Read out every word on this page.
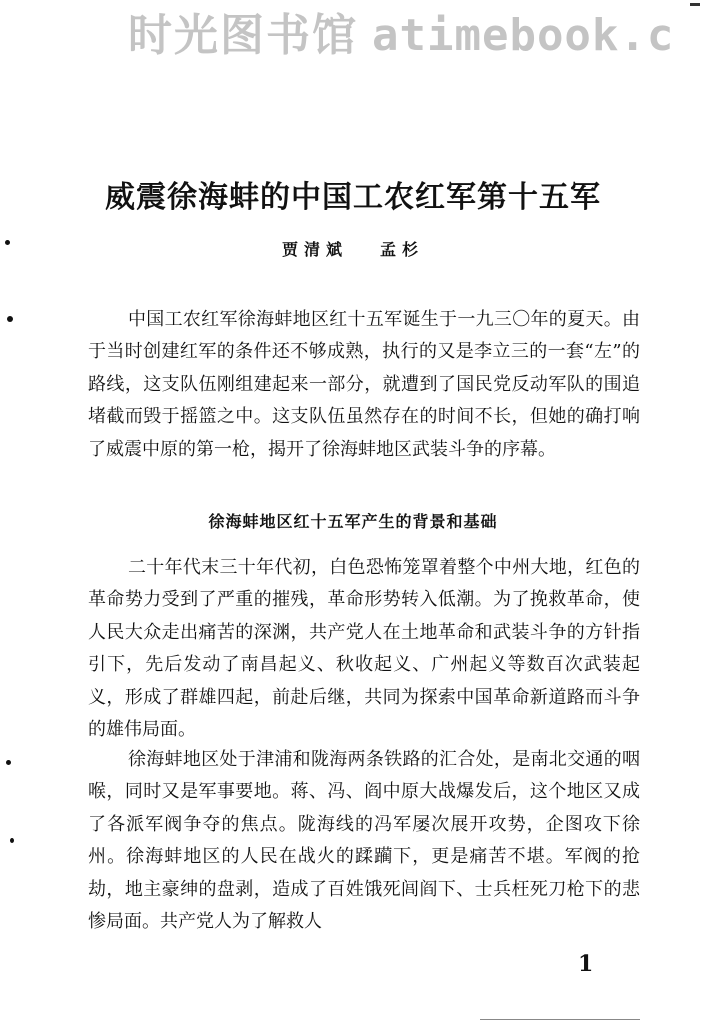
时光图书馆 atimebook.c
威震徐海蚌的中国工农红军第十五军
贾清斌 孟杉

中国工农红军徐海蚌地区红十五军诞生于一九三〇年的夏天。由于当时创建红军的条件还不够成熟，执行的又是李立三的一套“左”的路线，这支队伍刚组建起来一部分，就遭到了国民党反动军队的围追堵截而毁于摇篮之中。这支队伍虽然存在的时间不长，但她的确打响了威震中原的第一枪，揭开了徐海蚌地区武装斗争的序幕。

徐海蚌地区红十五军产生的背景和基础

二十年代末三十年代初，白色恐怖笼罩着整个中州大地，红色的革命势力受到了严重的摧残，革命形势转入低潮。为了挽救革命，使人民大众走出痛苦的深渊，共产党人在土地革命和武装斗争的方针指引下，先后发动了南昌起义、秋收起义、广州起义等数百次武装起义，形成了群雄四起，前赴后继，共同为探索中国革命新道路而斗争的雄伟局面。

徐海蚌地区处于津浦和陇海两条铁路的汇合处，是南北交通的咽喉，同时又是军事要地。蒋、冯、阎中原大战爆发后，这个地区又成了各派军阀争夺的焦点。陇海线的冯军屡次展开攻势，企图攻下徐州。徐海蚌地区的人民在战火的蹂躏下，更是痛苦不堪。军阀的抢劫，地主豪绅的盘剥，造成了百姓饿死闾阎下、士兵枉死刀枪下的悲惨局面。共产党人为了解救人

1
